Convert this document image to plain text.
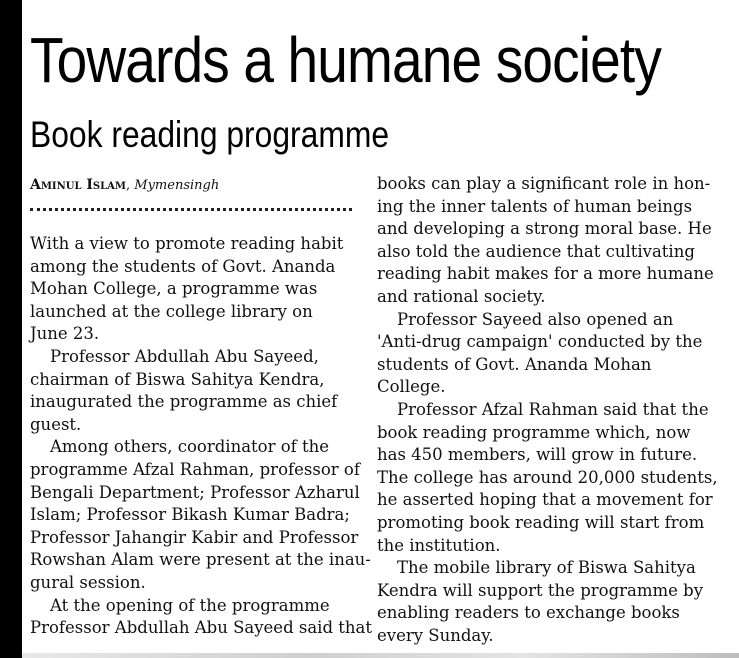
Towards a humane society
Book reading programme
Aminul Islam, Mymensingh

With a view to promote reading habit

among the students of Govt. Ananda

Mohan College, a programme was

launched at the college library on

June 23.

Professor Abdullah Abu Sayeed,

chairman of Biswa Sahitya Kendra,

inaugurated the programme as chief

guest.

Among others, coordinator of the

programme Afzal Rahman, professor of

Bengali Department; Professor Azharul

Islam; Professor Bikash Kumar Badra;

Professor Jahangir Kabir and Professor

Rowshan Alam were present at the inau-

gural session.

At the opening of the programme

Professor Abdullah Abu Sayeed said that

books can play a significant role in hon-

ing the inner talents of human beings

and developing a strong moral base. He

also told the audience that cultivating

reading habit makes for a more humane

and rational society.

Professor Sayeed also opened an

'Anti-drug campaign' conducted by the

students of Govt. Ananda Mohan

College.

Professor Afzal Rahman said that the

book reading programme which, now

has 450 members, will grow in future.

The college has around 20,000 students,

he asserted hoping that a movement for

promoting book reading will start from

the institution.

The mobile library of Biswa Sahitya

Kendra will support the programme by

enabling readers to exchange books

every Sunday.
